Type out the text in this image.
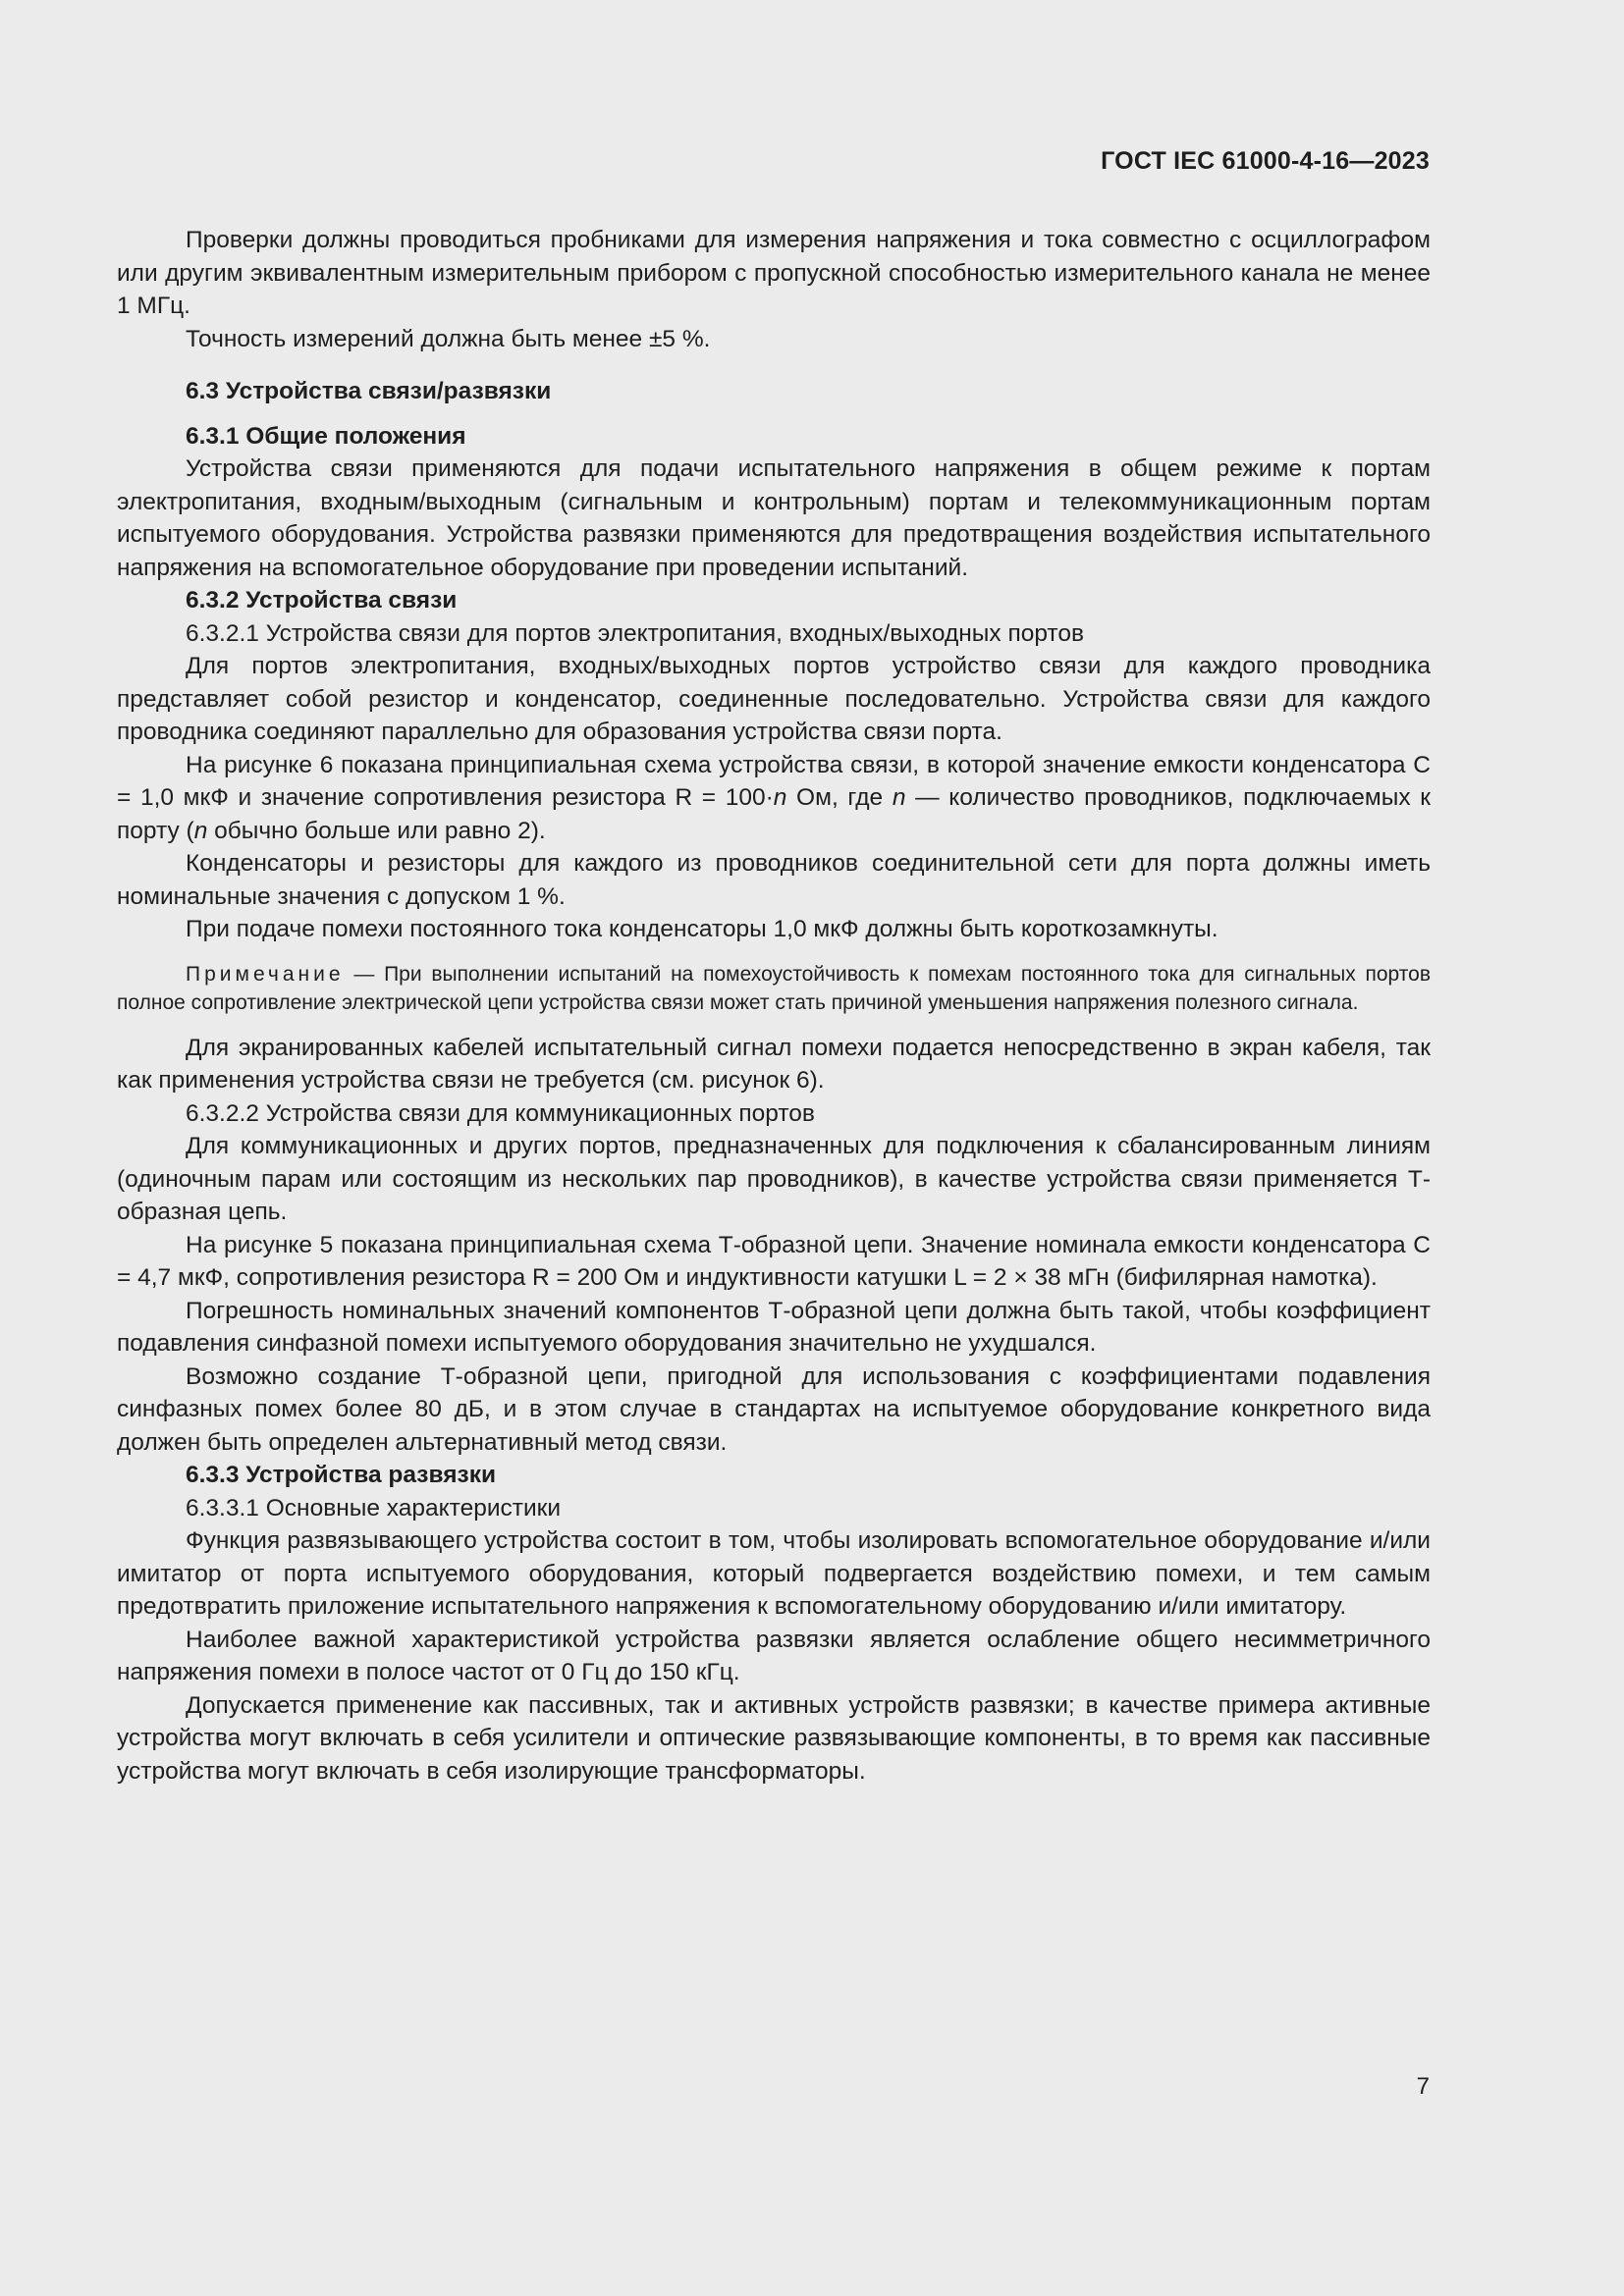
ГОСТ IEC 61000-4-16—2023

Проверки должны проводиться пробниками для измерения напряжения и тока совместно с осциллографом или другим эквивалентным измерительным прибором с пропускной способностью измерительного канала не менее 1 МГц.

Точность измерений должна быть менее ±5 %.

6.3 Устройства связи/развязки

6.3.1 Общие положения

Устройства связи применяются для подачи испытательного напряжения в общем режиме к портам электропитания, входным/выходным (сигнальным и контрольным) портам и телекоммуникационным портам испытуемого оборудования. Устройства развязки применяются для предотвращения воздействия испытательного напряжения на вспомогательное оборудование при проведении испытаний.

6.3.2 Устройства связи

6.3.2.1 Устройства связи для портов электропитания, входных/выходных портов

Для портов электропитания, входных/выходных портов устройство связи для каждого проводника представляет собой резистор и конденсатор, соединенные последовательно. Устройства связи для каждого проводника соединяют параллельно для образования устройства связи порта.

На рисунке 6 показана принципиальная схема устройства связи, в которой значение емкости конденсатора С = 1,0 мкФ и значение сопротивления резистора R = 100·n Ом, где n — количество проводников, подключаемых к порту (n обычно больше или равно 2).

Конденсаторы и резисторы для каждого из проводников соединительной сети для порта должны иметь номинальные значения с допуском 1 %.

При подаче помехи постоянного тока конденсаторы 1,0 мкФ должны быть короткозамкнуты.

Примечание — При выполнении испытаний на помехоустойчивость к помехам постоянного тока для сигнальных портов полное сопротивление электрической цепи устройства связи может стать причиной уменьшения напряжения полезного сигнала.

Для экранированных кабелей испытательный сигнал помехи подается непосредственно в экран кабеля, так как применения устройства связи не требуется (см. рисунок 6).

6.3.2.2 Устройства связи для коммуникационных портов

Для коммуникационных и других портов, предназначенных для подключения к сбалансированным линиям (одиночным парам или состоящим из нескольких пар проводников), в качестве устройства связи применяется Т-образная цепь.

На рисунке 5 показана принципиальная схема Т-образной цепи. Значение номинала емкости конденсатора С = 4,7 мкФ, сопротивления резистора R = 200 Ом и индуктивности катушки L = 2 × 38 мГн (бифилярная намотка).

Погрешность номинальных значений компонентов Т-образной цепи должна быть такой, чтобы коэффициент подавления синфазной помехи испытуемого оборудования значительно не ухудшался.

Возможно создание Т-образной цепи, пригодной для использования с коэффициентами подавления синфазных помех более 80 дБ, и в этом случае в стандартах на испытуемое оборудование конкретного вида должен быть определен альтернативный метод связи.

6.3.3 Устройства развязки

6.3.3.1 Основные характеристики

Функция развязывающего устройства состоит в том, чтобы изолировать вспомогательное оборудование и/или имитатор от порта испытуемого оборудования, который подвергается воздействию помехи, и тем самым предотвратить приложение испытательного напряжения к вспомогательному оборудованию и/или имитатору.

Наиболее важной характеристикой устройства развязки является ослабление общего несимметричного напряжения помехи в полосе частот от 0 Гц до 150 кГц.

Допускается применение как пассивных, так и активных устройств развязки; в качестве примера активные устройства могут включать в себя усилители и оптические развязывающие компоненты, в то время как пассивные устройства могут включать в себя изолирующие трансформаторы.

7
